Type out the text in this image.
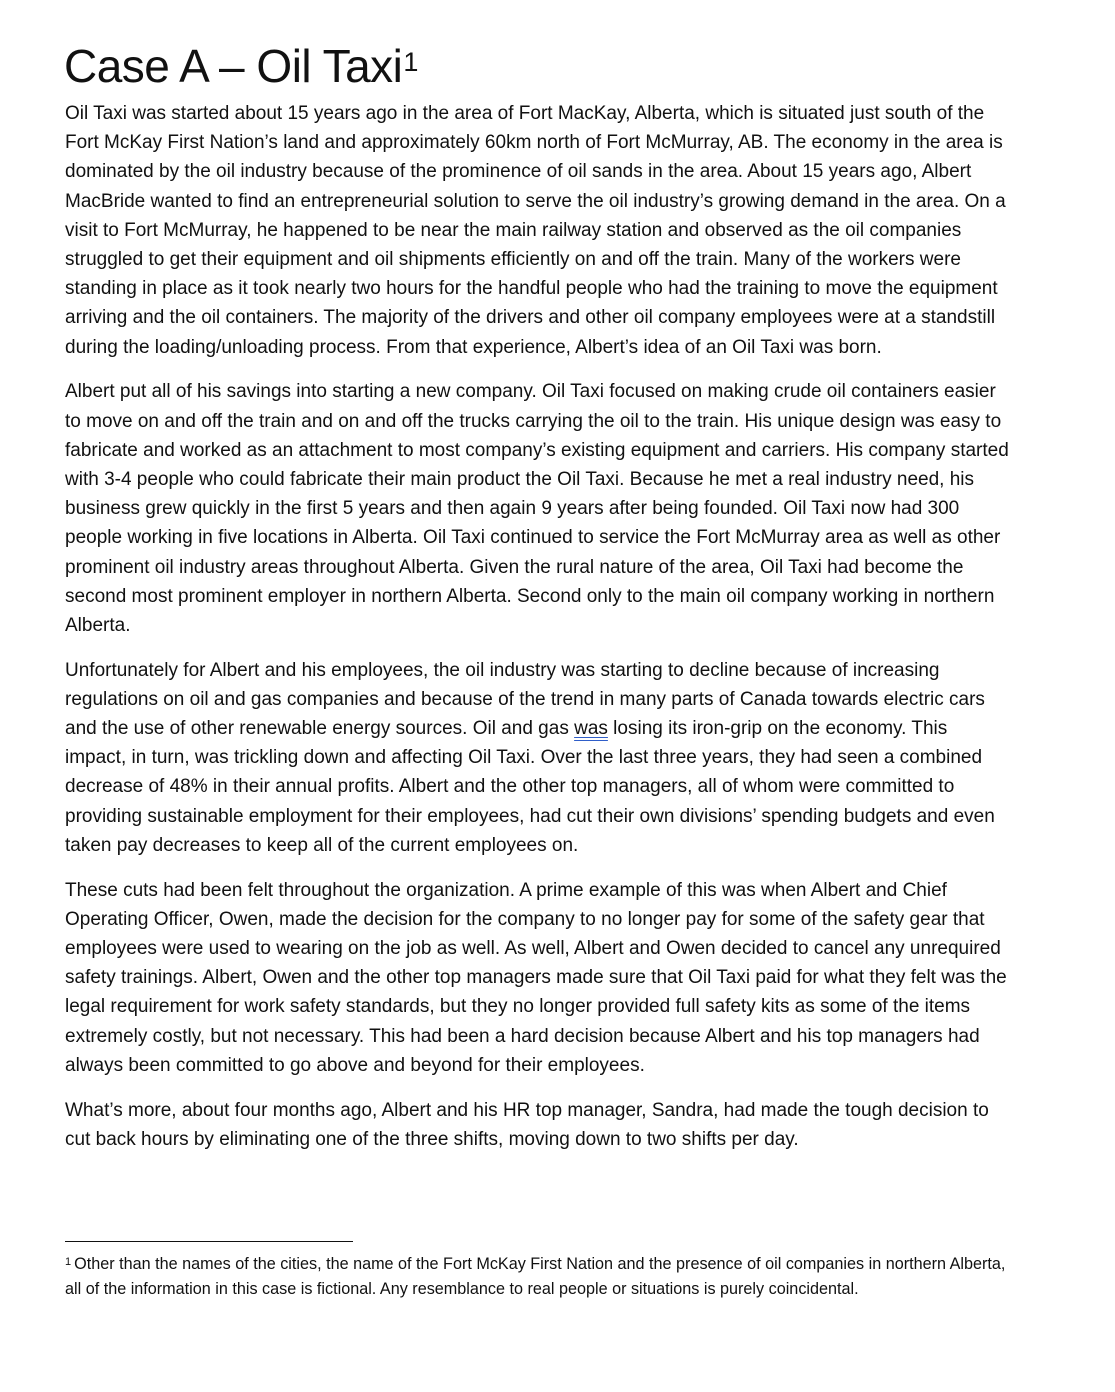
Case A – Oil Taxi$^1$

Oil Taxi was started about 15 years ago in the area of Fort MacKay, Alberta, which is situated just south of the Fort McKay First Nation’s land and approximately 60km north of Fort McMurray, AB. The economy in the area is dominated by the oil industry because of the prominence of oil sands in the area. About 15 years ago, Albert MacBride wanted to find an entrepreneurial solution to serve the oil industry’s growing demand in the area. On a visit to Fort McMurray, he happened to be near the main railway station and observed as the oil companies struggled to get their equipment and oil shipments efficiently on and off the train. Many of the workers were standing in place as it took nearly two hours for the handful people who had the training to move the equipment arriving and the oil containers. The majority of the drivers and other oil company employees were at a standstill during the loading/unloading process. From that experience, Albert’s idea of an Oil Taxi was born.

Albert put all of his savings into starting a new company. Oil Taxi focused on making crude oil containers easier to move on and off the train and on and off the trucks carrying the oil to the train. His unique design was easy to fabricate and worked as an attachment to most company’s existing equipment and carriers. His company started with 3-4 people who could fabricate their main product the Oil Taxi. Because he met a real industry need, his business grew quickly in the first 5 years and then again 9 years after being founded. Oil Taxi now had 300 people working in five locations in Alberta. Oil Taxi continued to service the Fort McMurray area as well as other prominent oil industry areas throughout Alberta. Given the rural nature of the area, Oil Taxi had become the second most prominent employer in northern Alberta. Second only to the main oil company working in northern Alberta.

Unfortunately for Albert and his employees, the oil industry was starting to decline because of increasing regulations on oil and gas companies and because of the trend in many parts of Canada towards electric cars and the use of other renewable energy sources. Oil and gas was losing its iron-grip on the economy. This impact, in turn, was trickling down and affecting Oil Taxi. Over the last three years, they had seen a combined decrease of 48% in their annual profits. Albert and the other top managers, all of whom were committed to providing sustainable employment for their employees, had cut their own divisions’ spending budgets and even taken pay decreases to keep all of the current employees on.

These cuts had been felt throughout the organization. A prime example of this was when Albert and Chief Operating Officer, Owen, made the decision for the company to no longer pay for some of the safety gear that employees were used to wearing on the job as well. As well, Albert and Owen decided to cancel any unrequired safety trainings. Albert, Owen and the other top managers made sure that Oil Taxi paid for what they felt was the legal requirement for work safety standards, but they no longer provided full safety kits as some of the items extremely costly, but not necessary. This had been a hard decision because Albert and his top managers had always been committed to go above and beyond for their employees.

What’s more, about four months ago, Albert and his HR top manager, Sandra, had made the tough decision to cut back hours by eliminating one of the three shifts, moving down to two shifts per day.

$^1$ Other than the names of the cities, the name of the Fort McKay First Nation and the presence of oil companies in northern Alberta, all of the information in this case is fictional. Any resemblance to real people or situations is purely coincidental.
